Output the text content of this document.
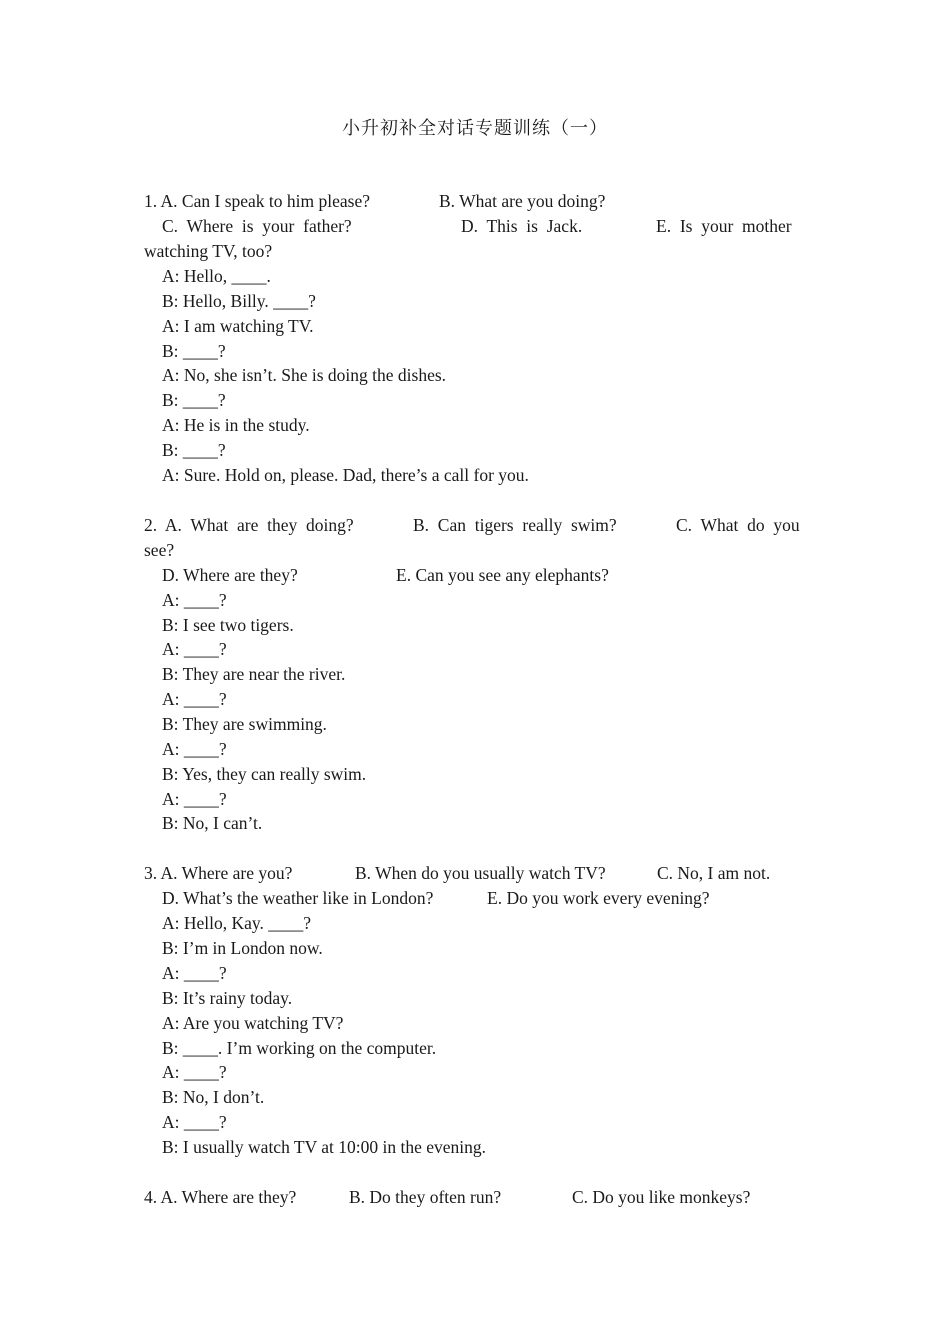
小升初补全对话专题训练（一）
1. A. Can I speak to him please?	B. What are you doing?
C.  Where  is  your  father?	D.  This  is  Jack.	E.  Is  your  mother
watching TV, too?
A: Hello, ____.
B: Hello, Billy. ____?
A: I am watching TV.
B: ____?
A: No, she isn’t. She is doing the dishes.
B: ____?
A: He is in the study.
B: ____?
A: Sure. Hold on, please. Dad, there’s a call for you.
2.  A.  What  are  they  doing?	B.  Can  tigers  really  swim?	C.  What  do  you
see?
D. Where are they?	E. Can you see any elephants?
A: ____?
B: I see two tigers.
A: ____?
B: They are near the river.
A: ____?
B: They are swimming.
A: ____?
B: Yes, they can really swim.
A: ____?
B: No, I can’t.
3. A. Where are you?	B. When do you usually watch TV?	C. No, I am not.
D. What’s the weather like in London?	E. Do you work every evening?
A: Hello, Kay. ____?
B: I’m in London now.
A: ____?
B: It’s rainy today.
A: Are you watching TV?
B: ____. I’m working on the computer.
A: ____?
B: No, I don’t.
A: ____?
B: I usually watch TV at 10:00 in the evening.
4. A. Where are they?	B. Do they often run?	C. Do you like monkeys?
